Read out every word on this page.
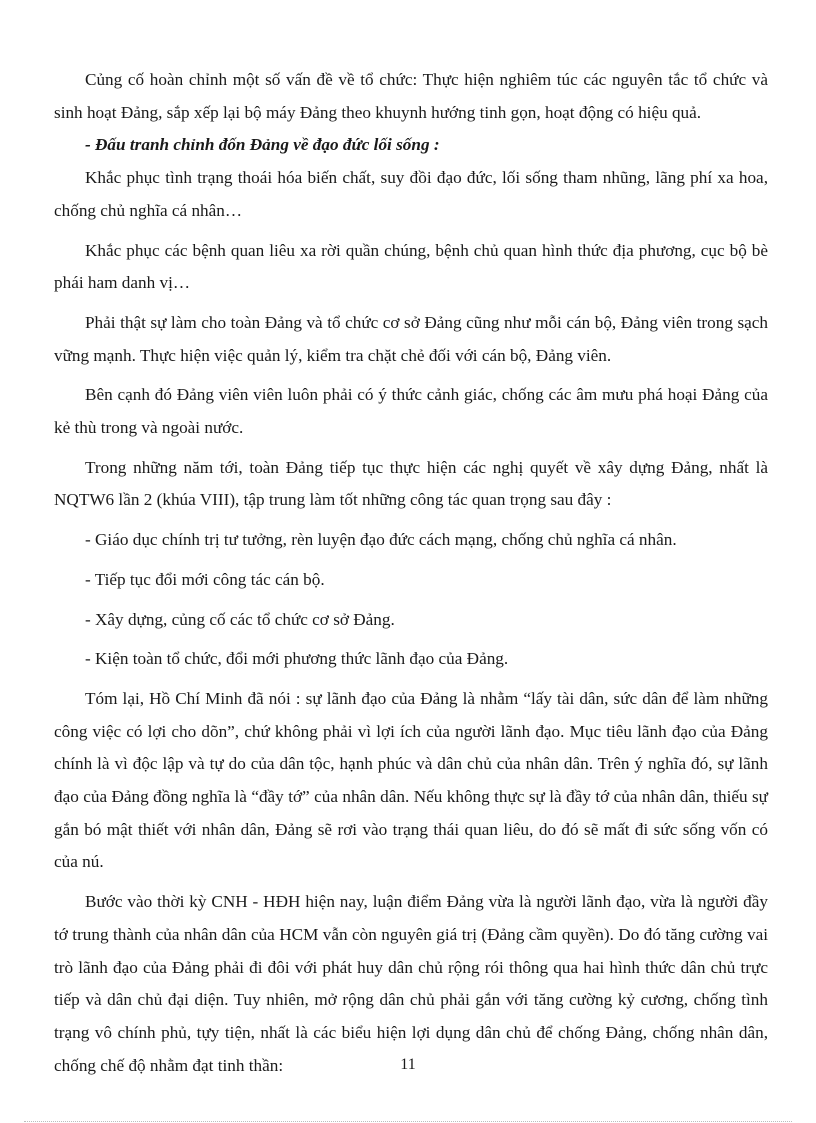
Củng cố hoàn chỉnh một số vấn đề về tổ chức: Thực hiện nghiêm túc các nguyên tắc tổ chức và sinh hoạt Đảng, sắp xếp lại bộ máy Đảng theo khuynh hướng tinh gọn, hoạt động có hiệu quả.

- Đấu tranh chỉnh đốn Đảng về đạo đức lối sống :

Khắc phục tình trạng thoái hóa biến chất, suy đồi đạo đức, lối sống tham nhũng, lãng phí xa hoa, chống chủ nghĩa cá nhân…

Khắc phục các bệnh quan liêu xa rời quần chúng, bệnh chủ quan hình thức địa phương, cục bộ bè phái ham danh vị…

Phải thật sự làm cho toàn Đảng và tổ chức cơ sở Đảng cũng như mỗi cán bộ, Đảng viên trong sạch vững mạnh. Thực hiện việc quản lý, kiểm tra chặt chẻ đối với cán bộ, Đảng viên.

Bên cạnh đó Đảng viên viên luôn phải có ý thức cảnh giác, chống các âm mưu phá hoại Đảng của kẻ thù trong và ngoài nước.

Trong những năm tới, toàn Đảng tiếp tục thực hiện các nghị quyết về xây dựng Đảng, nhất là NQTW6 lần 2 (khúa VIII), tập trung làm tốt những công tác quan trọng sau đây :

- Giáo dục chính trị tư tưởng, rèn luyện đạo đức cách mạng, chống chủ nghĩa cá nhân.

- Tiếp tục đổi mới công tác cán bộ.

- Xây dựng, củng cố các tổ chức cơ sở Đảng.

- Kiện toàn tổ chức, đổi mới phương thức lãnh đạo của Đảng.

Tóm lại, Hồ Chí Minh đã nói : sự lãnh đạo của Đảng là nhằm “lấy tài dân, sức dân để làm những công việc có lợi cho dõn”, chứ không phải vì lợi ích của người lãnh đạo. Mục tiêu lãnh đạo của Đảng chính là vì độc lập và tự do của dân tộc, hạnh phúc và dân chủ của nhân dân. Trên ý nghĩa đó, sự lãnh đạo của Đảng đồng nghĩa là “đầy tớ” của nhân dân. Nếu không thực sự là đầy tớ của nhân dân, thiếu sự gắn bó mật thiết với nhân dân, Đảng sẽ rơi vào trạng thái quan liêu, do đó sẽ mất đi sức sống vốn có của nú.

Bước vào thời kỳ CNH - HĐH hiện nay, luận điểm Đảng vừa là người lãnh đạo, vừa là người đầy tớ trung thành của nhân dân của HCM vẫn còn nguyên giá trị (Đảng cầm quyền). Do đó tăng cường vai trò lãnh đạo của Đảng phải đi đôi với phát huy dân chủ rộng rói thông qua hai hình thức dân chủ trực tiếp và dân chủ đại diện. Tuy nhiên, mở rộng dân chủ phải gắn với tăng cường kỷ cương, chống tình trạng vô chính phủ, tựy tiện, nhất là các biểu hiện lợi dụng dân chủ để chống Đảng, chống nhân dân, chống chế độ nhằm đạt tinh thần:	11
